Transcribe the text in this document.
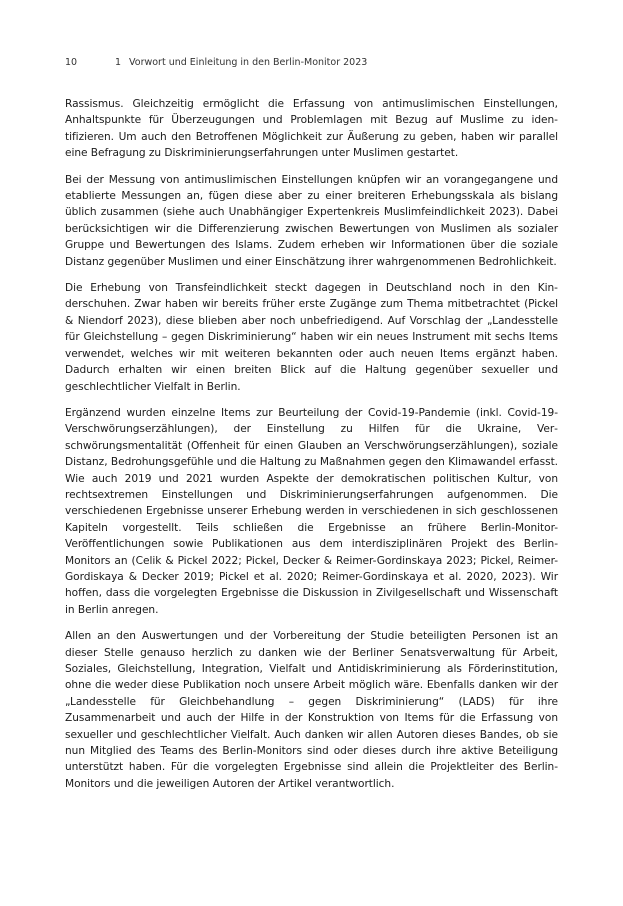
10	1 Vorwort und Einleitung in den Berlin-Monitor 2023

Rassismus. Gleichzeitig ermöglicht die Erfassung von antimuslimischen Einstellungen, Anhaltspunkte für Überzeugungen und Problemlagen mit Bezug auf Muslime zu identifizieren. Um auch den Betroffenen Möglichkeit zur Äußerung zu geben, haben wir parallel eine Befragung zu Diskriminierungserfahrungen unter Muslimen gestartet.

Bei der Messung von antimuslimischen Einstellungen knüpfen wir an vorangegangene und etablierte Messungen an, fügen diese aber zu einer breiteren Erhebungsskala als bislang üblich zusammen (siehe auch Unabhängiger Expertenkreis Muslimfeindlichkeit 2023). Dabei berücksichtigen wir die Differenzierung zwischen Bewertungen von Muslimen als sozialer Gruppe und Bewertungen des Islams. Zudem erheben wir Informationen über die soziale Distanz gegenüber Muslimen und einer Einschätzung ihrer wahrgenommenen Bedrohlichkeit.

Die Erhebung von Transfeindlichkeit steckt dagegen in Deutschland noch in den Kinderschuhen. Zwar haben wir bereits früher erste Zugänge zum Thema mitbetrachtet (Pickel & Niendorf 2023), diese blieben aber noch unbefriedigend. Auf Vorschlag der „Landesstelle für Gleichstellung – gegen Diskriminierung“ haben wir ein neues Instrument mit sechs Items verwendet, welches wir mit weiteren bekannten oder auch neuen Items ergänzt haben. Dadurch erhalten wir einen breiten Blick auf die Haltung gegenüber sexueller und geschlechtlicher Vielfalt in Berlin.

Ergänzend wurden einzelne Items zur Beurteilung der Covid-19-Pandemie (inkl. Covid-19-Verschwörungserzählungen), der Einstellung zu Hilfen für die Ukraine, Verschwörungsmentalität (Offenheit für einen Glauben an Verschwörungserzählungen), soziale Distanz, Bedrohungsgefühle und die Haltung zu Maßnahmen gegen den Klimawandel erfasst. Wie auch 2019 und 2021 wurden Aspekte der demokratischen politischen Kultur, von rechtsextremen Einstellungen und Diskriminierungserfahrungen aufgenommen. Die verschiedenen Ergebnisse unserer Erhebung werden in verschiedenen in sich geschlossenen Kapiteln vorgestellt. Teils schließen die Ergebnisse an frühere Berlin-Monitor-Veröffentlichungen sowie Publikationen aus dem interdisziplinären Projekt des Berlin-Monitors an (Celik & Pickel 2022; Pickel, Decker & Reimer-Gordinskaya 2023; Pickel, Reimer-Gordiskaya & Decker 2019; Pickel et al. 2020; Reimer-Gordinskaya et al. 2020, 2023). Wir hoffen, dass die vorgelegten Ergebnisse die Diskussion in Zivilgesellschaft und Wissenschaft in Berlin anregen.

Allen an den Auswertungen und der Vorbereitung der Studie beteiligten Personen ist an dieser Stelle genauso herzlich zu danken wie der Berliner Senatsverwaltung für Arbeit, Soziales, Gleichstellung, Integration, Vielfalt und Antidiskriminierung als Förderinstitution, ohne die weder diese Publikation noch unsere Arbeit möglich wäre. Ebenfalls danken wir der „Landesstelle für Gleichbehandlung – gegen Diskriminierung“ (LADS) für ihre Zusammenarbeit und auch der Hilfe in der Konstruktion von Items für die Erfassung von sexueller und geschlechtlicher Vielfalt. Auch danken wir allen Autoren dieses Bandes, ob sie nun Mitglied des Teams des Berlin-Monitors sind oder dieses durch ihre aktive Beteiligung unterstützt haben. Für die vorgelegten Ergebnisse sind allein die Projektleiter des Berlin-Monitors und die jeweiligen Autoren der Artikel verantwortlich.
